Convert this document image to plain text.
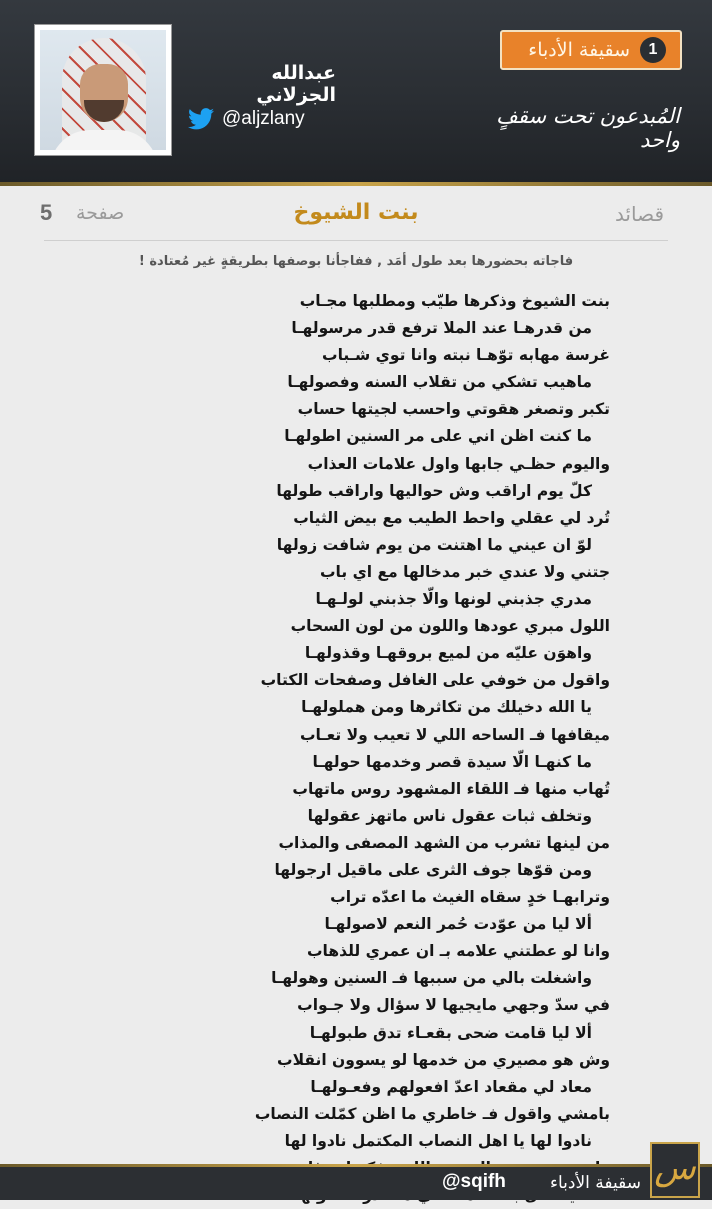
عبدالله الجزلاني
@aljzlany
سقيفة الأدباء	1
المُبدعون تحت سقفٍ واحد
قصائد
بنت الشيوخ
صفحة
5
فاجاته بحضورها بعد طول أمَد , ففاجأنا بوصفها بطريقةٍ غير مُعتادة !
بنت الشيوخ وذكرها طيّب ومطلبها مجـاب
من قدرهـا عند الملا ترفع قدر مرسولهـا
غرسة مهابه توّهـا نبته وانا توي شـباب
ماهيب تشكي من تقلاب السنه وفصولهـا
تكبر وتصغر هقوتي واحسب لجيتها حساب
ما كنت اظن اني على مر السنين اطولهـا
واليوم حظـي جابها واول علامات العذاب
كلّ يوم اراقب وش حواليها واراقب طولها
تُرد لي عقلي واحط الطيب مع بيض الثياب
لوّ ان عيني ما اهتنت من يوم شافت زولها
جتني ولا عندي خبر مدخالها مع اي باب
مدري جذبني لونها والّا جذبني لولـهـا
اللول مبري عودها واللون من لون السحاب
واهوَن عليّه من لميع بروقهـا وقذولهـا
واقول من خوفي على الغافل وصفحات الكتاب
يا الله دخيلك من تكاثرها ومن هملولهـا
ميقافها فـ الساحه اللي لا تعيب ولا تعـاب
ما كنهـا الّا سيدة قصر وخدمها حولهـا
تُهاب منها فـ اللقاء المشهود روس ماتهاب
وتخلف ثبات عقول ناس ماتهز عقولها
من لينها تشرب من الشهد المصفى والمذاب
ومن قوّها جوف الثرى على ماقيل ارجولها
وترابهـا خدٍ سقاه الغيث ما اعدّه تراب
ألا ليا من عوّدت حُمر النعم لاصولهـا
وانا لو عطتني علامه بـ ان عمري للذهاب
واشغلت بالي من سببها فـ السنين وهولهـا
في سدّ وجهي مايجيها لا سؤال ولا جـواب
ألا ليا قامت ضحى بقعـاء تدق طبولهـا
وش هو مصيري من خدمها لو يسوون انقلاب
معاد لي مقعاد اعدّ افعولهم وفعـولهـا
بامشي واقول فـ خاطري ما اظن كمّلت النصاب
نادوا لها يا اهل النصاب المكتمل نادوا لها
@sqifh	سقيفة الأدباء س
